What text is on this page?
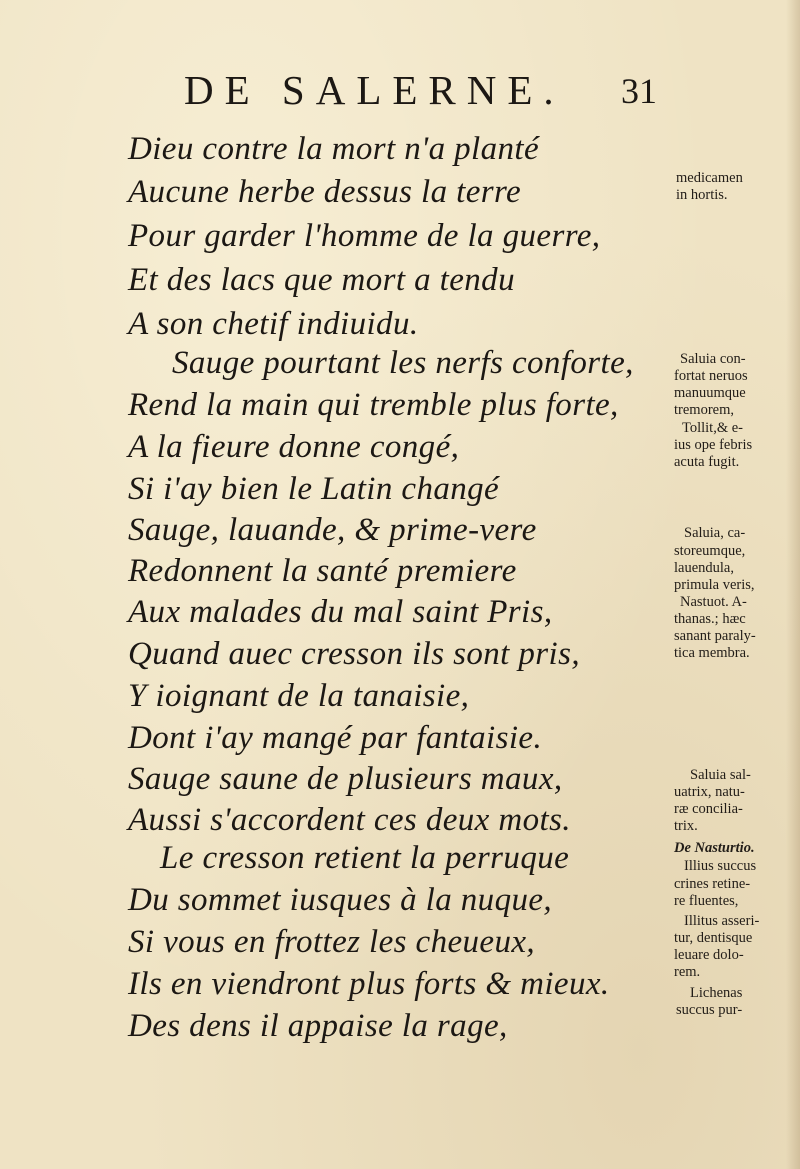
DE SALERNE. 31
Dieu contre la mort n'a planté
Aucune herbe dessus la terre
Pour garder l'homme de la guerre,
Et des lacs que mort a tendu
A son chetif indiuidu.
Sauge pourtant les nerfs conforte,
Rend la main qui tremble plus forte,
A la fieure donne congé,
Si i'ay bien le Latin changé
Sauge, lauande, & prime-vere
Redonnent la santé premiere
Aux malades du mal saint Pris,
Quand auec cresson ils sont pris,
Y ioignant de la tanaisie,
Dont i'ay mangé par fantaisie.
Sauge saune de plusieurs maux,
Aussi s'accordent ces deux mots.
Le cresson retient la perruque
Du sommet iusques à la nuque,
Si vous en frottez les cheueux,
Ils en viendront plus forts & mieux.
Des dens il appaise la rage,
medicamen
in hortis.
Saluia con-
fortat neruos
manuumque
tremorem,
Tollit,& e-
ius ope febris
acuta fugit.
Saluia, ca-
storeumque,
lauendula,
primula veris,
Nastuot. A-
thanas.; hæc
sanant paraly-
tica membra.
Saluia sal-
uatrix, natu-
ræ concilia-
trix.
De Nasturtio.
Illius succus
crines retine-
re fluentes,
Illitus asseri-
tur, dentisque
leuare dolo-
rem.
Lichenas
succus pur-
